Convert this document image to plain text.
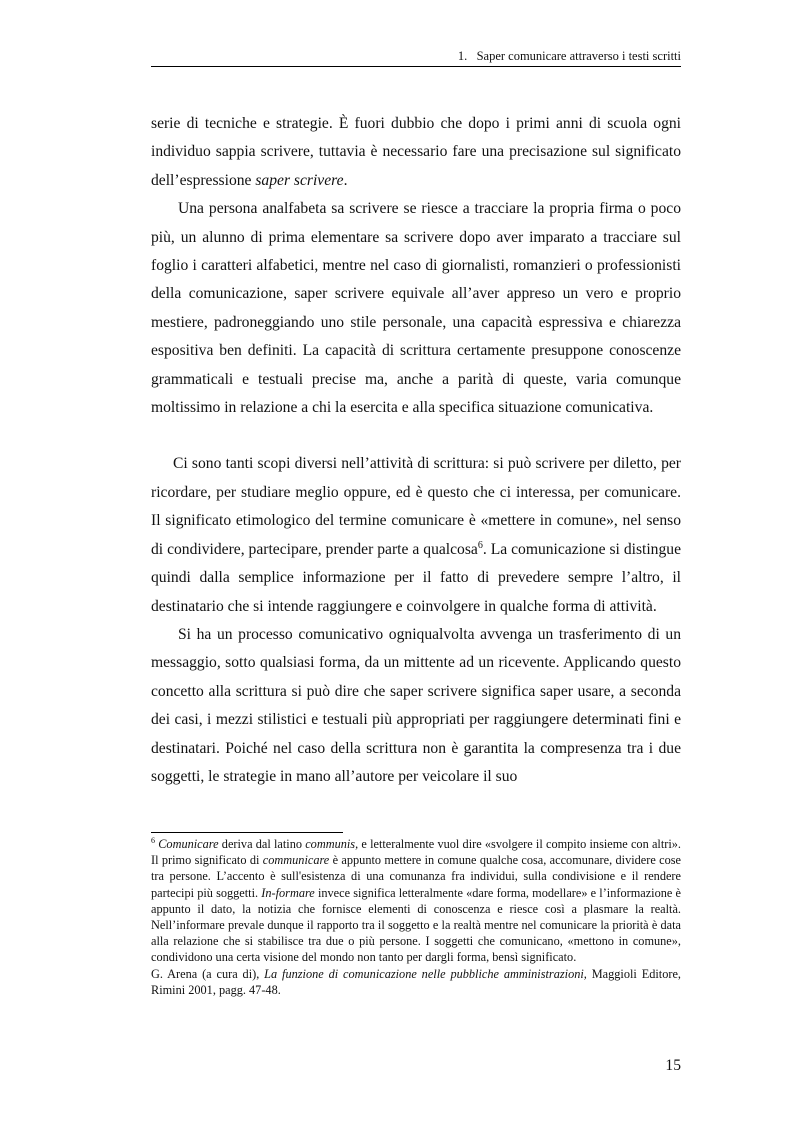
1. Saper comunicare attraverso i testi scritti

serie di tecniche e strategie. È fuori dubbio che dopo i primi anni di scuola ogni individuo sappia scrivere, tuttavia è necessario fare una precisazione sul significato dell’espressione saper scrivere.

Una persona analfabeta sa scrivere se riesce a tracciare la propria firma o poco più, un alunno di prima elementare sa scrivere dopo aver imparato a tracciare sul foglio i caratteri alfabetici, mentre nel caso di giornalisti, romanzieri o professionisti della comunicazione, saper scrivere equivale all’aver appreso un vero e proprio mestiere, padroneggiando uno stile personale, una capacità espressiva e chiarezza espositiva ben definiti. La capacità di scrittura certamente presuppone conoscenze grammaticali e testuali precise ma, anche a parità di queste, varia comunque moltissimo in relazione a chi la esercita e alla specifica situazione comunicativa.

Ci sono tanti scopi diversi nell’attività di scrittura: si può scrivere per diletto, per ricordare, per studiare meglio oppure, ed è questo che ci interessa, per comunicare. Il significato etimologico del termine comunicare è «mettere in comune», nel senso di condividere, partecipare, prender parte a qualcosa$^6$. La comunicazione si distingue quindi dalla semplice informazione per il fatto di prevedere sempre l’altro, il destinatario che si intende raggiungere e coinvolgere in qualche forma di attività.

Si ha un processo comunicativo ogniqualvolta avvenga un trasferimento di un messaggio, sotto qualsiasi forma, da un mittente ad un ricevente. Applicando questo concetto alla scrittura si può dire che saper scrivere significa saper usare, a seconda dei casi, i mezzi stilistici e testuali più appropriati per raggiungere determinati fini e destinatari. Poiché nel caso della scrittura non è garantita la compresenza tra i due soggetti, le strategie in mano all’autore per veicolare il suo

$^6$ Comunicare deriva dal latino communis, e letteralmente vuol dire «svolgere il compito insieme con altri». Il primo significato di communicare è appunto mettere in comune qualche cosa, accomunare, dividere cose tra persone. L’accento è sull'esistenza di una comunanza fra individui, sulla condivisione e il rendere partecipi più soggetti. In-formare invece significa letteralmente «dare forma, modellare» e l’informazione è appunto il dato, la notizia che fornisce elementi di conoscenza e riesce così a plasmare la realtà. Nell’informare prevale dunque il rapporto tra il soggetto e la realtà mentre nel comunicare la priorità è data alla relazione che si stabilisce tra due o più persone. I soggetti che comunicano, «mettono in comune», condividono una certa visione del mondo non tanto per dargli forma, bensì significato.

G. Arena (a cura di), La funzione di comunicazione nelle pubbliche amministrazioni, Maggioli Editore, Rimini 2001, pagg. 47-48.

15
